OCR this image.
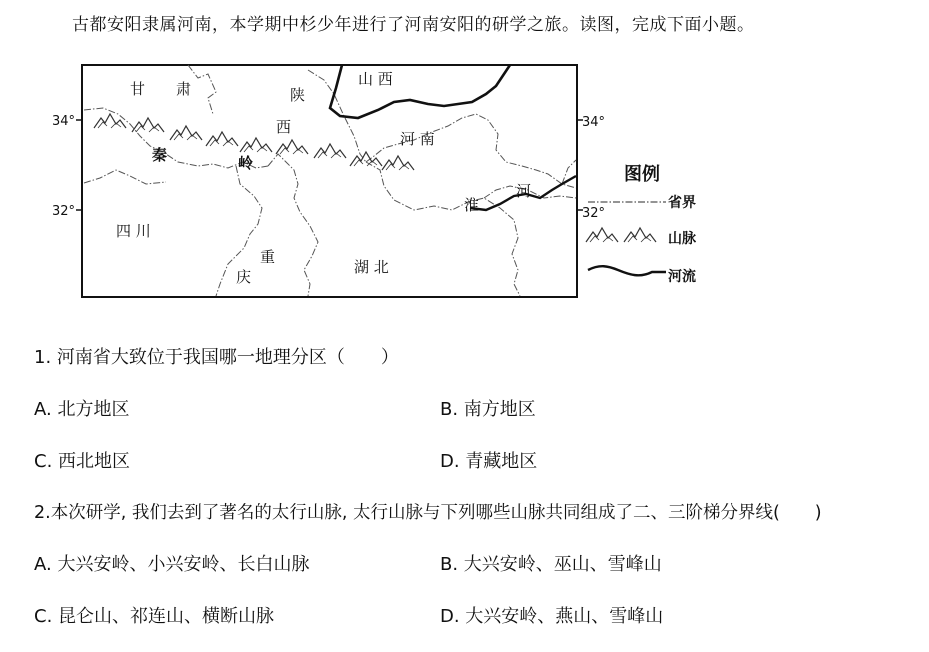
古都安阳隶属河南，本学期中杉少年进行了河南安阳的研学之旅。读图，完成下面小题。
甘 肃
山 西
陕
西
河 南
秦	岭
河
淮
四 川
重
庆
湖 北
34°	34°
32°	32°
图例
省界
山脉
河流
1. 河南省大致位于我国哪一地理分区（　　）
A. 北方地区	B. 南方地区
C. 西北地区	D. 青藏地区
2.本次研学, 我们去到了著名的太行山脉, 太行山脉与下列哪些山脉共同组成了二、三阶梯分界线(　　)
A. 大兴安岭、小兴安岭、长白山脉	B. 大兴安岭、巫山、雪峰山
C. 昆仑山、祁连山、横断山脉	D. 大兴安岭、燕山、雪峰山
